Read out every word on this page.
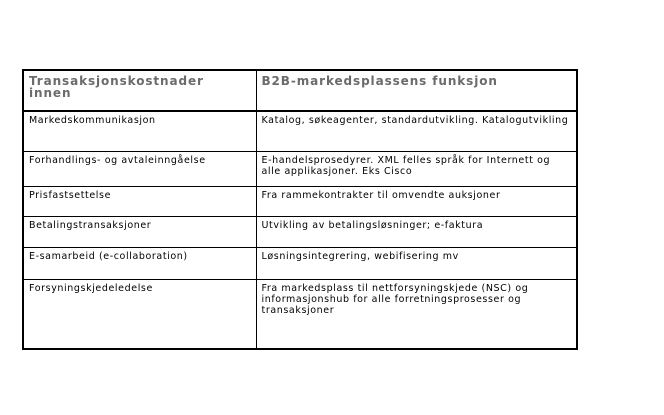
Transaksjonskostnader innen	B2B-markedsplassens funksjon
Markedskommunikasjon	Katalog, søkeagenter, standardutvikling. Katalogutvikling
Forhandlings- og avtaleinngåelse	E-handelsprosedyrer. XML felles språk for Internett og alle applikasjoner. Eks Cisco
Prisfastsettelse	Fra rammekontrakter til omvendte auksjoner
Betalingstransaksjoner	Utvikling av betalingsløsninger; e-faktura
E-samarbeid (e-collaboration)	Løsningsintegrering, webifisering mv
Forsyningskjedeledelse	Fra markedsplass til nettforsyningskjede (NSC) og informasjonshub for alle forretningsprosesser og transaksjoner
